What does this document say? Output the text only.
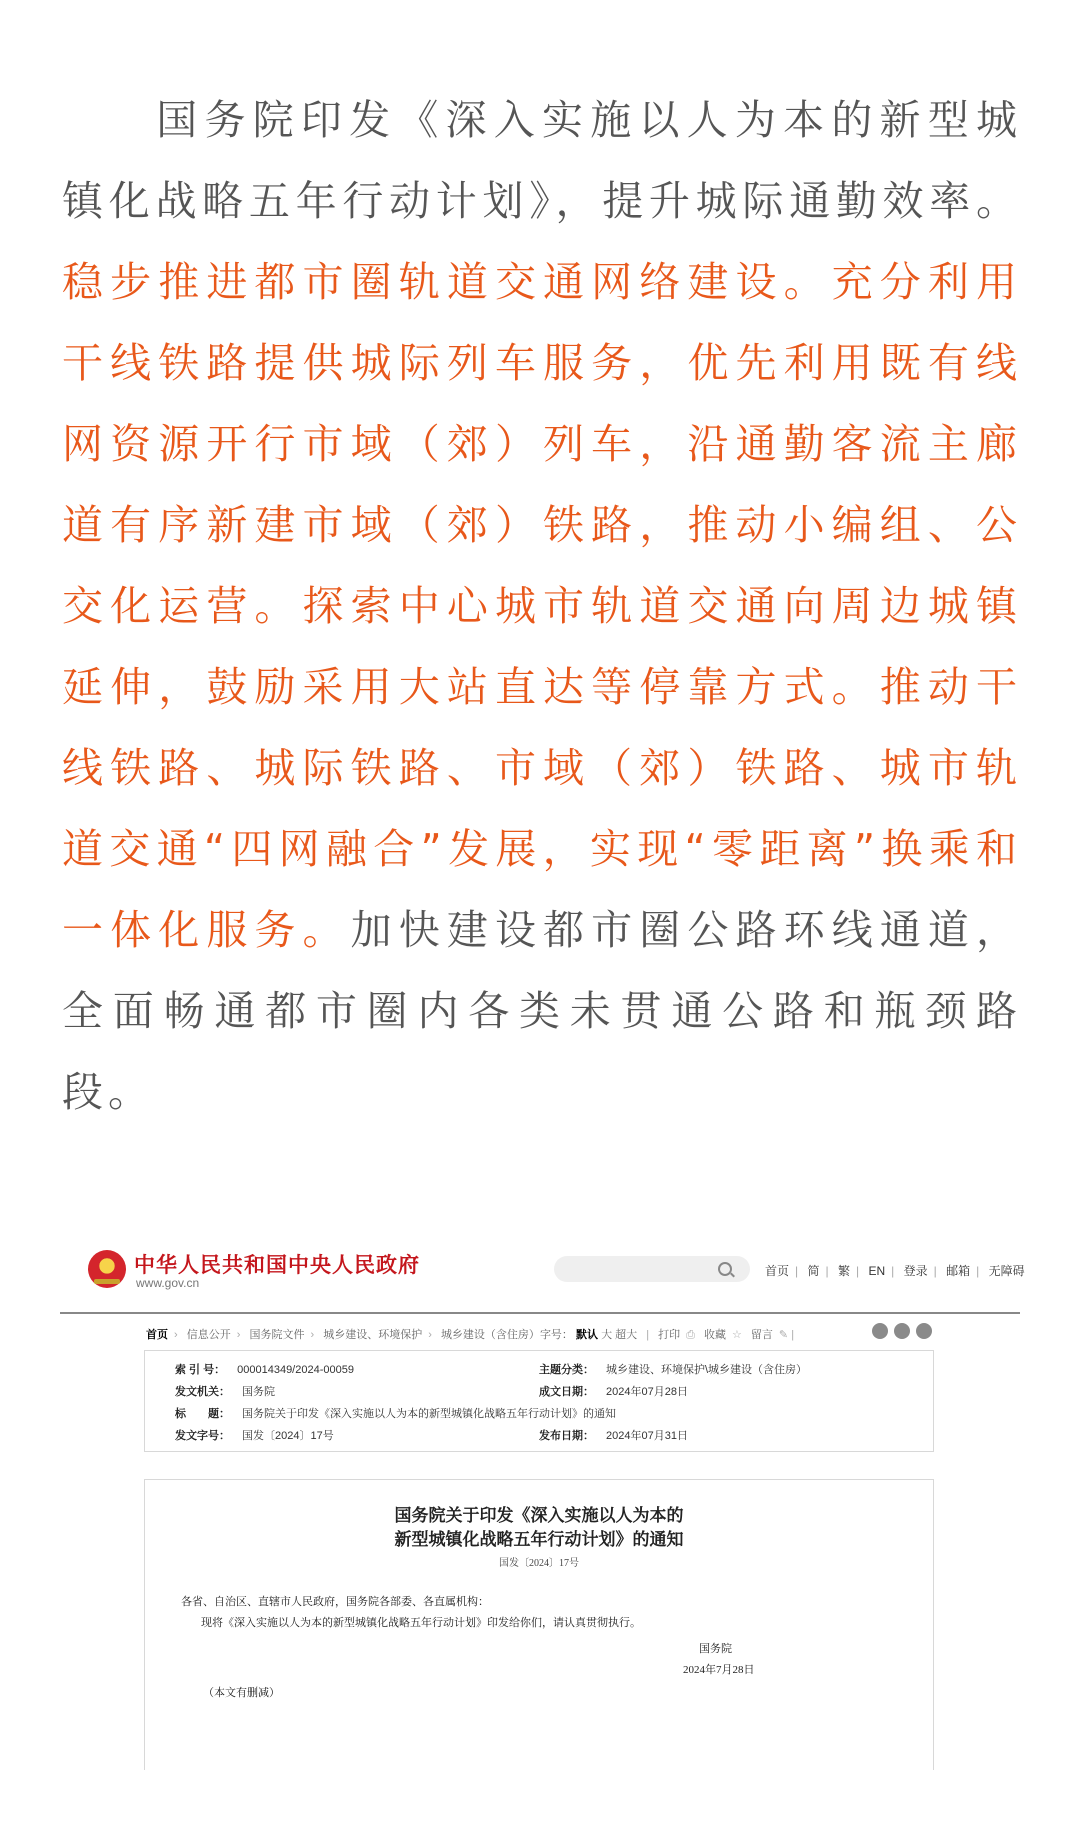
国务院印发《深入实施以人为本的新型城镇化战略五年行动计划》，提升城际通勤效率。稳步推进都市圈轨道交通网络建设。充分利用干线铁路提供城际列车服务，优先利用既有线网资源开行市域（郊）列车，沿通勤客流主廊道有序新建市域（郊）铁路，推动小编组、公交化运营。探索中心城市轨道交通向周边城镇延伸，鼓励采用大站直达等停靠方式。推动干线铁路、城际铁路、市域（郊）铁路、城市轨道交通“四网融合”发展，实现“零距离”换乘和一体化服务。加快建设都市圈公路环线通道，全面畅通都市圈内各类未贯通公路和瓶颈路段。
中华人民共和国中央人民政府
www.gov.cn
首页 | 简 | 繁 | EN | 登录 | 邮箱 | 无障碍
首页 › 信息公开 › 国务院文件 › 城乡建设、环境保护 › 城乡建设（含住房）字号： 默认 大 超大 | 打印 ⎙ 收藏 ☆ 留言 ✎ |
索 引 号： 000014349/2024-00059	主题分类： 城乡建设、环境保护\城乡建设（含住房）
发文机关： 国务院	成文日期： 2024年07月28日
标　　题： 国务院关于印发《深入实施以人为本的新型城镇化战略五年行动计划》的通知
发文字号： 国发〔2024〕17号	发布日期： 2024年07月31日
国务院关于印发《深入实施以人为本的
新型城镇化战略五年行动计划》的通知
国发〔2024〕17号
各省、自治区、直辖市人民政府，国务院各部委、各直属机构：
现将《深入实施以人为本的新型城镇化战略五年行动计划》印发给你们，请认真贯彻执行。
国务院
2024年7月28日
（本文有删减）
